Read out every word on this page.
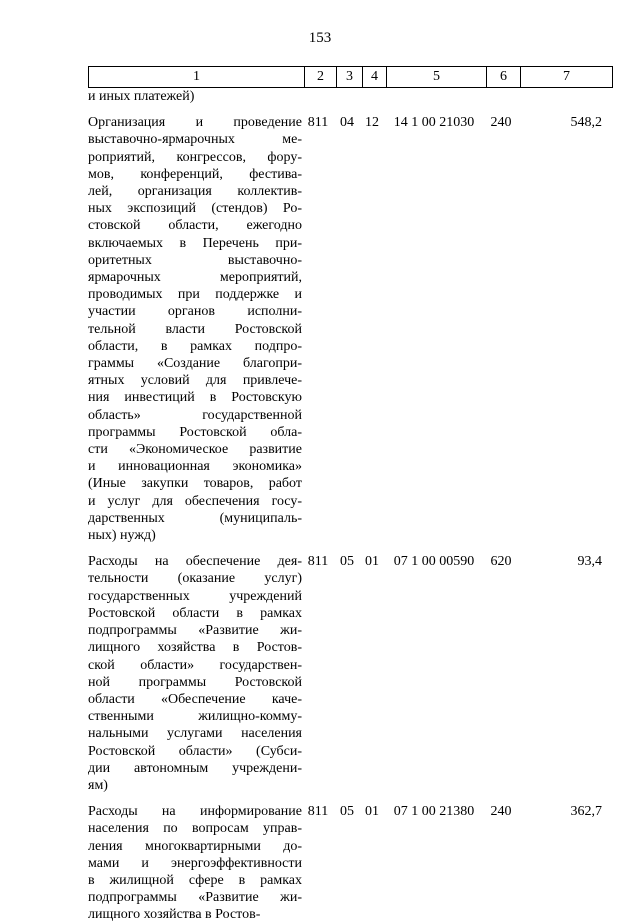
153
1	2	3	4	5	6	7
и иных платежей)
Организация и проведение
выставочно-ярмарочных ме-
роприятий, конгрессов, фору-
мов, конференций, фестива-
лей, организация коллектив-
ных экспозиций (стендов) Ро-
стовской области, ежегодно
включаемых в Перечень при-
оритетных выставочно-
ярмарочных мероприятий,
проводимых при поддержке и
участии органов исполни-
тельной власти Ростовской
области, в рамках подпро-
граммы «Создание благопри-
ятных условий для привлече-
ния инвестиций в Ростовскую
область» государственной
программы Ростовской обла-
сти «Экономическое развитие
и инновационная экономика»
(Иные закупки товаров, работ
и услуг для обеспечения госу-
дарственных (муниципаль-
ных) нужд)
811 04 12	14 1 00 21030	240	548,2
Расходы на обеспечение дея-
тельности (оказание услуг)
государственных учреждений
Ростовской области в рамках
подпрограммы «Развитие жи-
лищного хозяйства в Ростов-
ской области» государствен-
ной программы Ростовской
области «Обеспечение каче-
ственными жилищно-комму-
нальными услугами населения
Ростовской области» (Субси-
дии автономным учреждени-
ям)
811 05 01	07 1 00 00590	620	93,4
Расходы на информирование
населения по вопросам управ-
ления многоквартирными до-
мами и энергоэффективности
в жилищной сфере в рамках
подпрограммы «Развитие жи-
лищного хозяйства в Ростов-
811 05 01	07 1 00 21380	240	362,7
